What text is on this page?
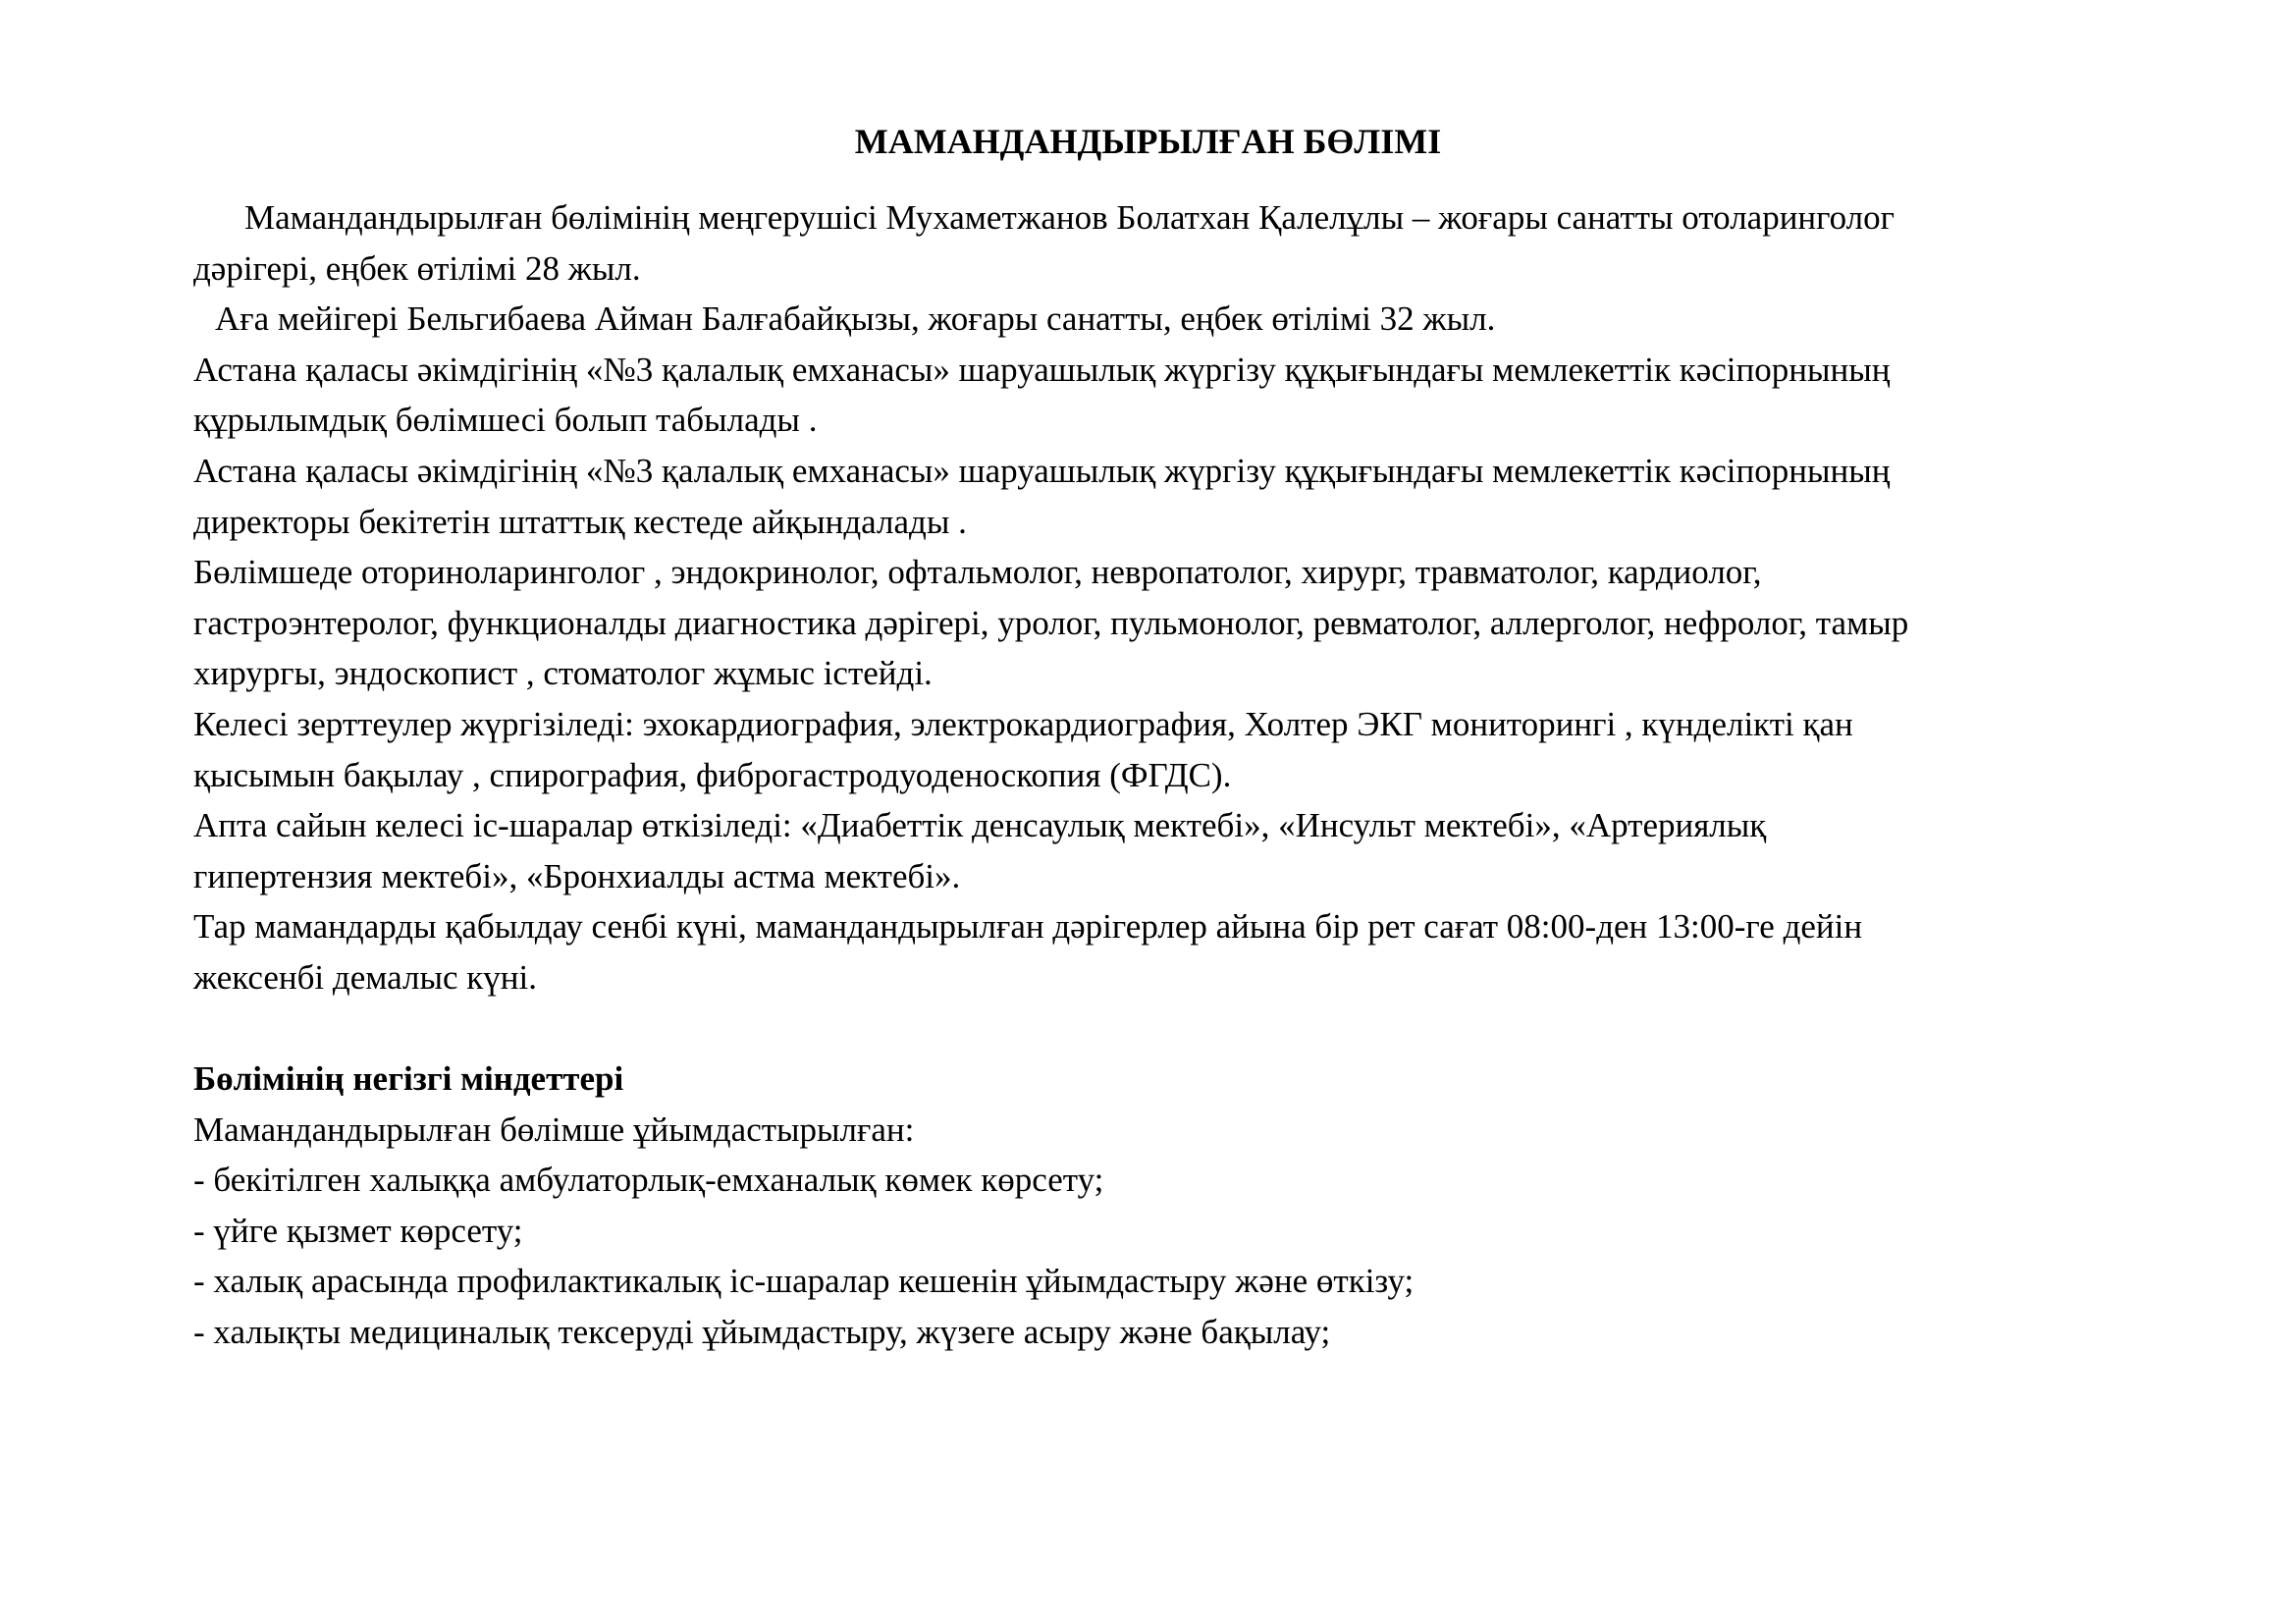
МАМАНДАНДЫРЫЛҒАН БӨЛІМІ

Мамандандырылған бөлімінің меңгерушісі Мухаметжанов Болатхан Қалелұлы – жоғары санатты отоларинголог

дәрігері, еңбек өтілімі 28 жыл.

Аға мейігері Бельгибаева Айман Балғабайқызы, жоғары санатты, еңбек өтілімі 32 жыл.

Астана қаласы әкімдігінің «№3 қалалық емханасы» шаруашылық жүргізу құқығындағы мемлекеттік кәсіпорнының

құрылымдық бөлімшесі болып табылады .

Астана қаласы әкімдігінің «№3 қалалық емханасы» шаруашылық жүргізу құқығындағы мемлекеттік кәсіпорнының

директоры бекітетін штаттық кестеде айқындалады .

Бөлімшеде оториноларинголог , эндокринолог, офтальмолог, невропатолог, хирург, травматолог, кардиолог,

гастроэнтеролог, функционалды диагностика дәрігері, уролог, пульмонолог, ревматолог, аллерголог, нефролог, тамыр

хирургы, эндоскопист , стоматолог жұмыс істейді.

Келесі зерттеулер жүргізіледі: эхокардиография, электрокардиография, Холтер ЭКГ мониторингі , күнделікті қан

қысымын бақылау , спирография, фиброгастродуоденоскопия (ФГДС).

Апта сайын келесі іс-шаралар өткізіледі: «Диабеттік денсаулық мектебі», «Инсульт мектебі», «Артериялық

гипертензия мектебі», «Бронхиалды астма мектебі».

Тар мамандарды қабылдау сенбі күні, мамандандырылған дәрігерлер айына бір рет сағат 08:00-ден 13:00-ге дейін

жексенбі демалыс күні.

Бөлімінің негізгі міндеттері

Мамандандырылған бөлімше ұйымдастырылған:

- бекітілген халыққа амбулаторлық-емханалық көмек көрсету;

- үйге қызмет көрсету;

- халық арасында профилактикалық іс-шаралар кешенін ұйымдастыру және өткізу;

- халықты медициналық тексеруді ұйымдастыру, жүзеге асыру және бақылау;
